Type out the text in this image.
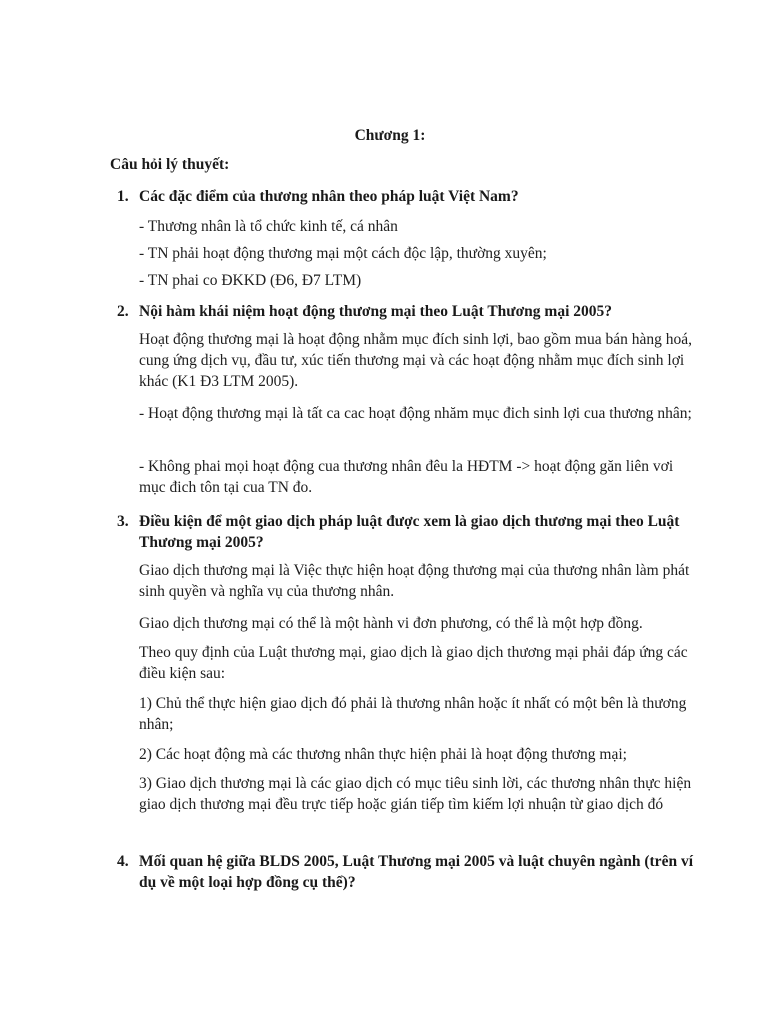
Chương 1:
Câu hỏi lý thuyết:
1. Các đặc điểm của thương nhân theo pháp luật Việt Nam?
- Thương nhân là tổ chức kinh tế, cá nhân
- TN phải hoạt động thương mại một cách độc lập, thường xuyên;
- TN phai co ĐKKD (Đ6, Đ7 LTM)
2. Nội hàm khái niệm hoạt động thương mại theo Luật Thương mại 2005?
Hoạt động thương mại là hoạt động nhằm mục đích sinh lợi, bao gồm mua bán hàng hoá, cung ứng dịch vụ, đầu tư, xúc tiến thương mại và các hoạt động nhằm mục đích sinh lợi khác (K1 Đ3 LTM 2005).
- Hoạt động thương mại là tất ca cac hoạt động nhăm mục đich sinh lợi cua thương nhân;
- Không phai mọi hoạt động cua thương nhân đêu la HĐTM -> hoạt động găn liên vơi mục đich tôn tại cua TN đo.
3. Điều kiện để một giao dịch pháp luật được xem là giao dịch thương mại theo Luật Thương mại 2005?
Giao dịch thương mại là Việc thực hiện hoạt động thương mại của thương nhân làm phát sinh quyền và nghĩa vụ của thương nhân.
Giao dịch thương mại có thể là một hành vi đơn phương, có thể là một hợp đồng.
Theo quy định của Luật thương mại, giao dịch là giao dịch thương mại phải đáp ứng các điều kiện sau:
1) Chủ thể thực hiện giao dịch đó phải là thương nhân hoặc ít nhất có một bên là thương nhân;
2) Các hoạt động mà các thương nhân thực hiện phải là hoạt động thương mại;
3) Giao dịch thương mại là các giao dịch có mục tiêu sinh lời, các thương nhân thực hiện giao dịch thương mại đều trực tiếp hoặc gián tiếp tìm kiếm lợi nhuận từ giao dịch đó
4. Mối quan hệ giữa BLDS 2005, Luật Thương mại 2005 và luật chuyên ngành (trên ví dụ về một loại hợp đồng cụ thể)?
